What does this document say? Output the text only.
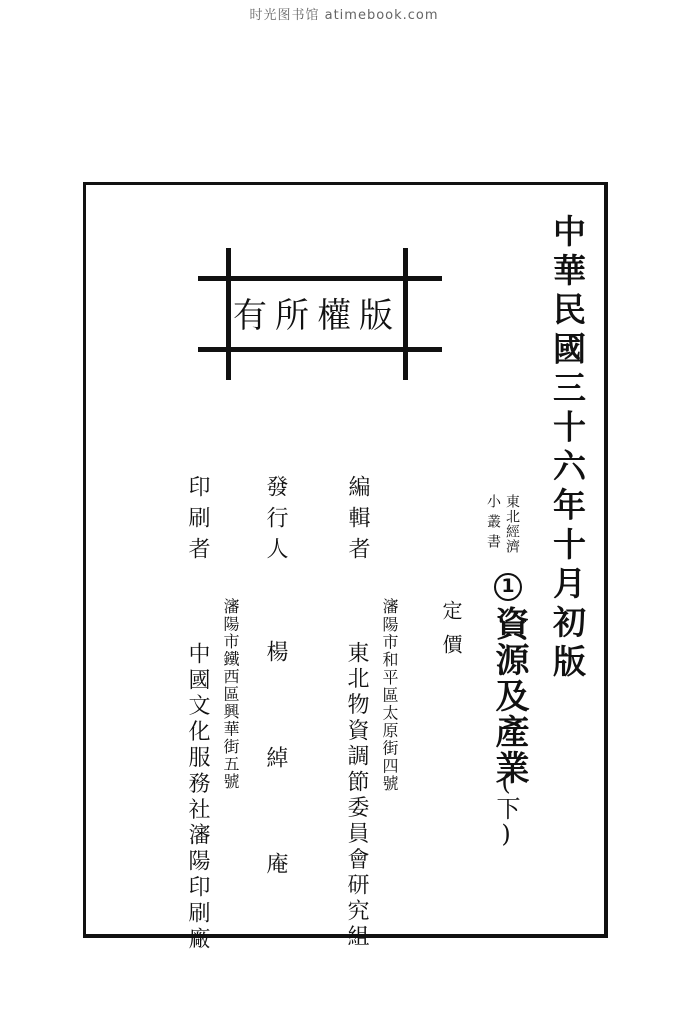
时光图书馆 atimebook.com
版權所有	中華民國三十六年十月初版
東北經濟
小叢書
1
資源及產業
(下)
定價
編輯者
瀋陽市和平區太原街四號
東北物資調節委員會研究組
發行人
楊綽庵
印刷者
瀋陽市鐵西區興華街五號
中國文化服務社瀋陽印刷廠
